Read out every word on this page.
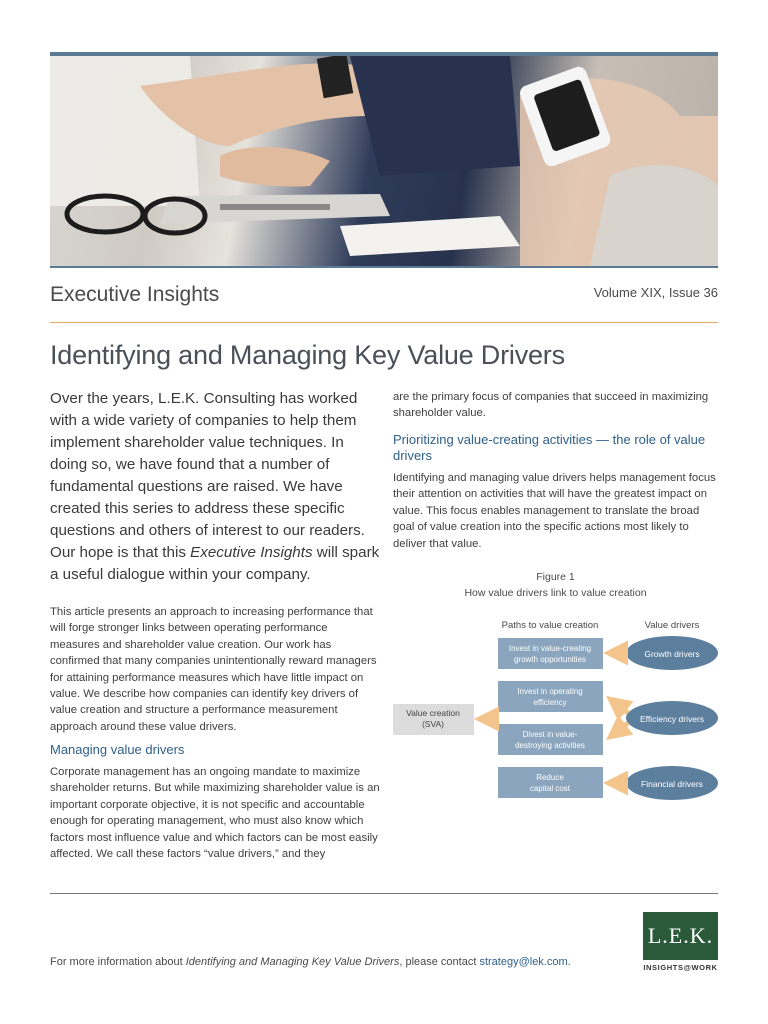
Executive Insights	Volume XIX, Issue 36
Identifying and Managing Key Value Drivers

Over the years, L.E.K. Consulting has worked with a wide variety of companies to help them implement shareholder value techniques. In doing so, we have found that a number of fundamental questions are raised. We have created this series to address these specific questions and others of interest to our readers. Our hope is that this Executive Insights will spark a useful dialogue within your company.

This article presents an approach to increasing performance that will forge stronger links between operating performance measures and shareholder value creation. Our work has confirmed that many companies unintentionally reward managers for attaining performance measures which have little impact on value. We describe how companies can identify key drivers of value creation and structure a performance measurement approach around these value drivers.

Managing value drivers

Corporate management has an ongoing mandate to maximize shareholder returns. But while maximizing shareholder value is an important corporate objective, it is not specific and accountable enough for operating management, who must also know which factors most influence value and which factors can be most easily affected. We call these factors “value drivers,” and they

are the primary focus of companies that succeed in maximizing shareholder value.

Prioritizing value-creating activities — the role of value drivers

Identifying and managing value drivers helps management focus their attention on activities that will have the greatest impact on value. This focus enables management to translate the broad goal of value creation into the specific actions most likely to deliver that value.

Figure 1
How value drivers link to value creation
Paths to value creation	Value drivers
Value creation
(SVA)
Invest in value-creating
growth opportunities
Invest in operating
efficiency
Divest in value-
destroying activities
Reduce
capital cost
Growth drivers
Efficiency drivers
Financial drivers
For more information about Identifying and Managing Key Value Drivers, please contact strategy@lek.com.
L.E.K.
INSIGHTS@WORK
